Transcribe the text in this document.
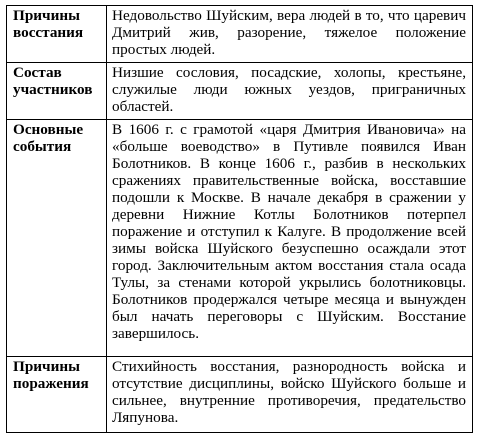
Причины восстания	Недовольство Шуйским, вера людей в то, что царевич Дмитрий жив, разорение, тяжелое положение простых людей.
Состав участников	Низшие сословия, посадские, холопы, крестьяне, служилые люди южных уездов, приграничных областей.
Основные события	В 1606 г. с грамотой «царя Дмитрия Ивановича» на «больше воеводство» в Путивле появился Иван Болотников. В конце 1606 г., разбив в нескольких сражениях правительственные войска, восставшие подошли к Москве. В начале декабря в сражении у деревни Нижние Котлы Болотников потерпел поражение и отступил к Калуге. В продолжение всей зимы войска Шуйского безуспешно осаждали этот город. Заключительным актом восстания стала осада Тулы, за стенами которой укрылись болотниковцы. Болотников продержался четыре месяца и вынужден был начать переговоры с Шуйским. Восстание завершилось.
Причины поражения	Стихийность восстания, разнородность войска и отсутствие дисциплины, войско Шуйского больше и сильнее, внутренние противоречия, предательство Ляпунова.
